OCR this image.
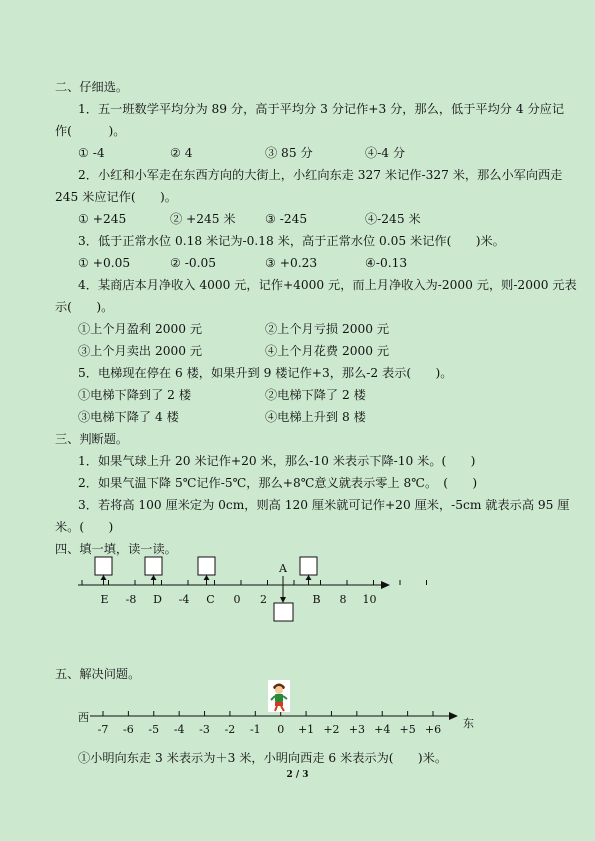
二、仔细选。
1．五一班数学平均分为 89 分，高于平均分 3 分记作+3 分，那么，低于平均分 4 分应记
作(　　　)。
① -4	② 4	③ 85 分	④-4 分
2．小红和小军走在东西方向的大街上，小红向东走 327 米记作-327 米，那么小军向西走
245 米应记作(　　)。
① +245	② +245 米 ③ -245	④-245 米
3．低于正常水位 0.18 米记为-0.18 米，高于正常水位 0.05 米记作(　　)米。
① +0.05	② -0.05	③ +0.23	④-0.13
4．某商店本月净收入 4000 元，记作+4000 元，而上月净收入为-2000 元，则-2000 元表
示(　　)。
①上个月盈利 2000 元	②上个月亏损 2000 元
③上个月卖出 2000 元	④上个月花费 2000 元
5．电梯现在停在 6 楼，如果升到 9 楼记作+3，那么-2 表示(　　)。
①电梯下降到了 2 楼	②电梯下降了 2 楼
③电梯下降了 4 楼	④电梯上升到 8 楼
三、判断题。
1．如果气球上升 20 米记作+20 米，那么-10 米表示下降-10 米。(　　)
2．如果气温下降 5℃记作-5℃，那么+8℃意义就表示零上 8℃。　(　　)
3．若将高 100 厘米定为 0cm，则高 120 厘米就可记作+20 厘米，-5cm 就表示高 95 厘
米。(　　)
四、填一填，读一读。
E -8 D -4 C 0 2	B 8 10
A
西	东
-7 -6 -5 -4 -3 -2 -1 0 +1 +2 +3 +4 +5 +6
五、解决问题。
①小明向东走 3 米表示为＋3 米，小明向西走 6 米表示为(　　)米。
2 / 3
